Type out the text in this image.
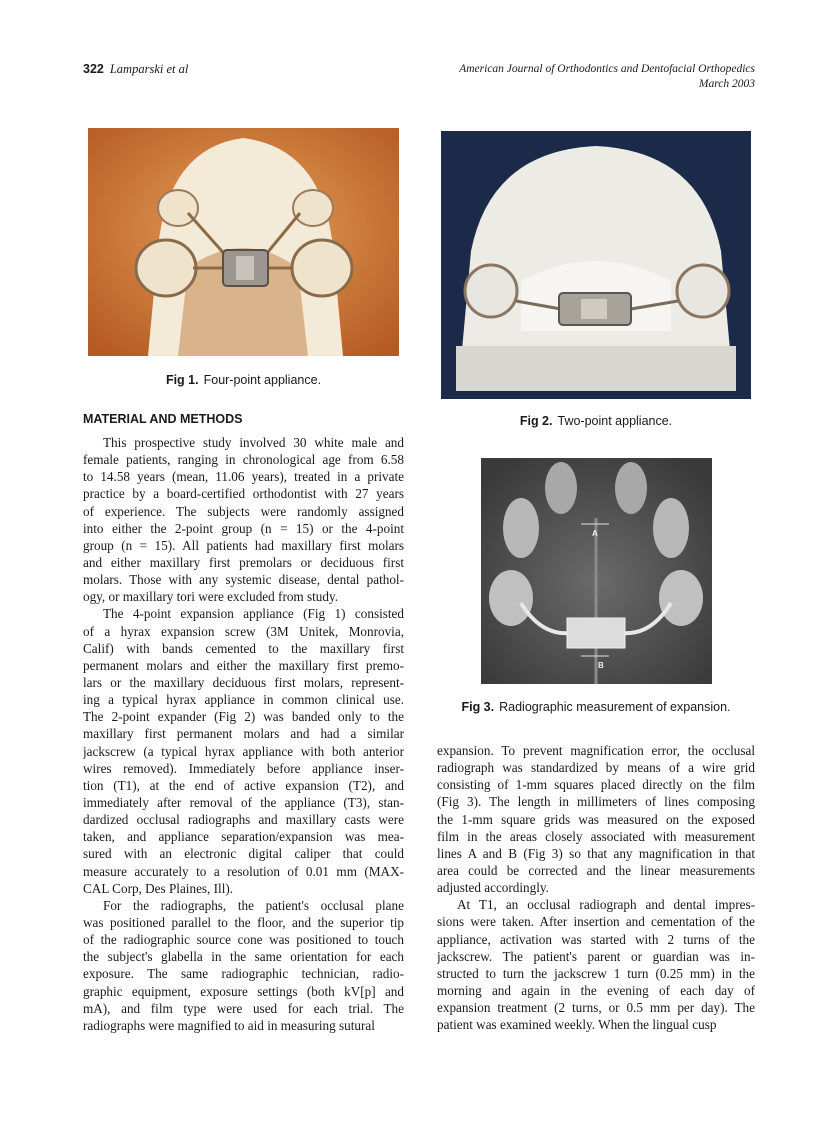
322 Lamparski et al	American Journal of Orthodontics and Dentofacial Orthopedics
March 2003
Fig 1. Four-point appliance.
Fig 2. Two-point appliance.
A
B
Fig 3. Radiographic measurement of expansion.
MATERIAL AND METHODS
This prospective study involved 30 white male and
female patients, ranging in chronological age from 6.58
to 14.58 years (mean, 11.06 years), treated in a private
practice by a board-certified orthodontist with 27 years
of experience. The subjects were randomly assigned
into either the 2-point group (n = 15) or the 4-point
group (n = 15). All patients had maxillary first molars
and either maxillary first premolars or deciduous first
molars. Those with any systemic disease, dental pathol-
ogy, or maxillary tori were excluded from study.
The 4-point expansion appliance (Fig 1) consisted
of a hyrax expansion screw (3M Unitek, Monrovia,
Calif) with bands cemented to the maxillary first
permanent molars and either the maxillary first premo-
lars or the maxillary deciduous first molars, represent-
ing a typical hyrax appliance in common clinical use.
The 2-point expander (Fig 2) was banded only to the
maxillary first permanent molars and had a similar
jackscrew (a typical hyrax appliance with both anterior
wires removed). Immediately before appliance inser-
tion (T1), at the end of active expansion (T2), and
immediately after removal of the appliance (T3), stan-
dardized occlusal radiographs and maxillary casts were
taken, and appliance separation/expansion was mea-
sured with an electronic digital caliper that could
measure accurately to a resolution of 0.01 mm (MAX-
CAL Corp, Des Plaines, Ill).
For the radiographs, the patient's occlusal plane
was positioned parallel to the floor, and the superior tip
of the radiographic source cone was positioned to touch
the subject's glabella in the same orientation for each
exposure. The same radiographic technician, radio-
graphic equipment, exposure settings (both kV[p] and
mA), and film type were used for each trial. The
radiographs were magnified to aid in measuring sutural
expansion. To prevent magnification error, the occlusal
radiograph was standardized by means of a wire grid
consisting of 1-mm squares placed directly on the film
(Fig 3). The length in millimeters of lines composing
the 1-mm square grids was measured on the exposed
film in the areas closely associated with measurement
lines A and B (Fig 3) so that any magnification in that
area could be corrected and the linear measurements
adjusted accordingly.
At T1, an occlusal radiograph and dental impres-
sions were taken. After insertion and cementation of the
appliance, activation was started with 2 turns of the
jackscrew. The patient's parent or guardian was in-
structed to turn the jackscrew 1 turn (0.25 mm) in the
morning and again in the evening of each day of
expansion treatment (2 turns, or 0.5 mm per day). The
patient was examined weekly. When the lingual cusp
